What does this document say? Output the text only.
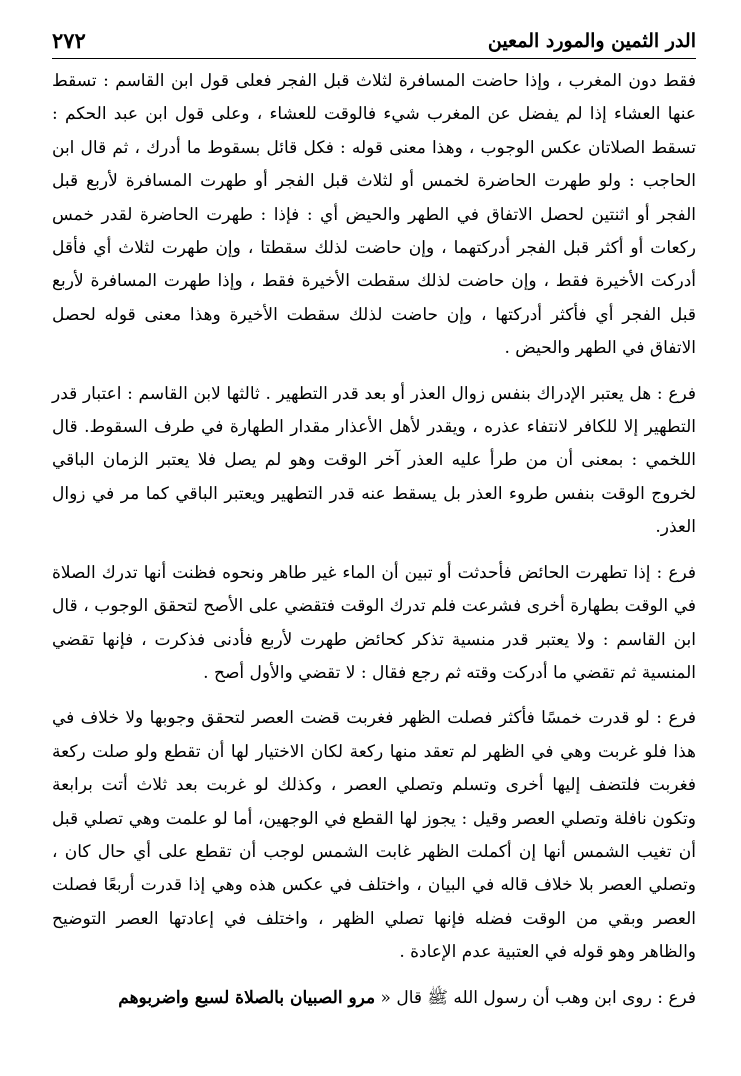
الدر الثمين والمورد المعين
٢٧٢

فقط دون المغرب ، وإذا حاضت المسافرة لثلاث قبل الفجر فعلى قول ابن القاسم : تسقط عنها العشاء إذا لم يفضل عن المغرب شيء فالوقت للعشاء ، وعلى قول ابن عبد الحكم : تسقط الصلاتان عكس الوجوب ، وهذا معنى قوله : فكل قائل بسقوط ما أدرك ، ثم قال ابن الحاجب : ولو طهرت الحاضرة لخمس أو لثلاث قبل الفجر أو طهرت المسافرة لأربع قبل الفجر أو اثنتين لحصل الاتفاق في الطهر والحيض أي : فإذا : طهرت الحاضرة لقدر خمس ركعات أو أكثر قبل الفجر أدركتهما ، وإن حاضت لذلك سقطتا ، وإن طهرت لثلاث أي فأقل أدركت الأخيرة فقط ، وإن حاضت لذلك سقطت الأخيرة فقط ، وإذا طهرت المسافرة لأربع قبل الفجر أي فأكثر أدركتها ، وإن حاضت لذلك سقطت الأخيرة وهذا معنى قوله لحصل الاتفاق في الطهر والحيض .

فرع : هل يعتبر الإدراك بنفس زوال العذر أو بعد قدر التطهير . ثالثها لابن القاسم : اعتبار قدر التطهير إلا للكافر لانتفاء عذره ، ويقدر لأهل الأعذار مقدار الطهارة في طرف السقوط. قال اللخمي : بمعنى أن من طرأ عليه العذر آخر الوقت وهو لم يصل فلا يعتبر الزمان الباقي لخروج الوقت بنفس طروء العذر بل يسقط عنه قدر التطهير ويعتبر الباقي كما مر في زوال العذر.

فرع : إذا تطهرت الحائض فأحدثت أو تبين أن الماء غير طاهر ونحوه فظنت أنها تدرك الصلاة في الوقت بطهارة أخرى فشرعت فلم تدرك الوقت فتقضي على الأصح لتحقق الوجوب ، قال ابن القاسم : ولا يعتبر قدر منسية تذكر كحائض طهرت لأربع فأدنى فذكرت ، فإنها تقضي المنسية ثم تقضي ما أدركت وقته ثم رجع فقال : لا تقضي والأول أصح .

فرع : لو قدرت خمسًا فأكثر فصلت الظهر فغربت قضت العصر لتحقق وجوبها ولا خلاف في هذا فلو غربت وهي في الظهر لم تعقد منها ركعة لكان الاختيار لها أن تقطع ولو صلت ركعة فغربت فلتضف إليها أخرى وتسلم وتصلي العصر ، وكذلك لو غربت بعد ثلاث أتت برابعة وتكون نافلة وتصلي العصر وقيل : يجوز لها القطع في الوجهين، أما لو علمت وهي تصلي قبل أن تغيب الشمس أنها إن أكملت الظهر غابت الشمس لوجب أن تقطع على أي حال كان ، وتصلي العصر بلا خلاف قاله في البيان ، واختلف في عكس هذه وهي إذا قدرت أربعًا فصلت العصر وبقي من الوقت فضله فإنها تصلي الظهر ، واختلف في إعادتها العصر التوضيح والظاهر وهو قوله في العتبية عدم الإعادة .

فرع : روى ابن وهب أن رسول الله ﷺ قال « مرو الصبيان بالصلاة لسبع واضربوهم
